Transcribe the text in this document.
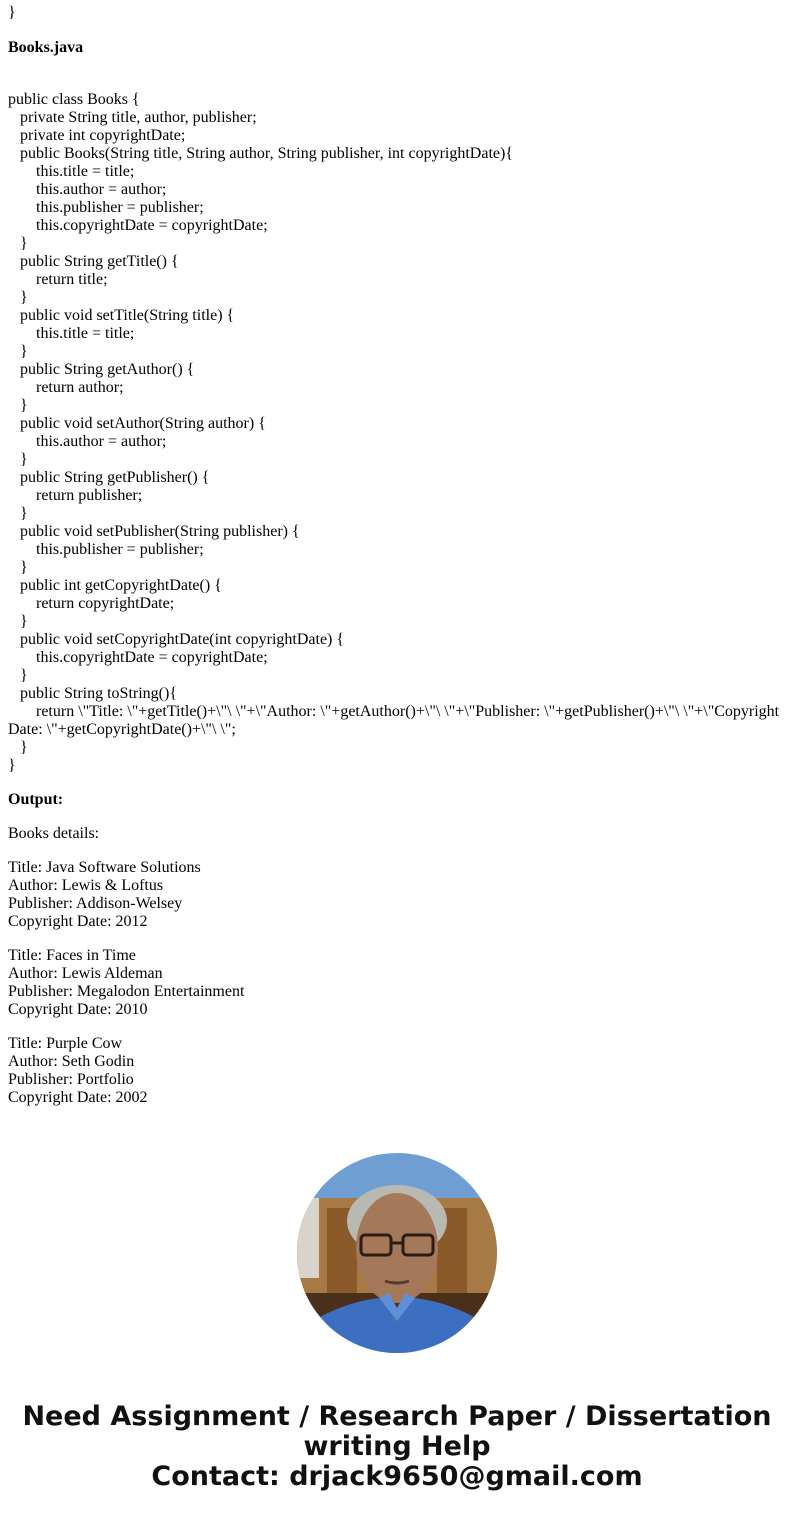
}
Books.java
public class Books {
private String title, author, publisher;
private int copyrightDate;
public Books(String title, String author, String publisher, int copyrightDate){
this.title = title;
this.author = author;
this.publisher = publisher;
this.copyrightDate = copyrightDate;
}
public String getTitle() {
return title;
}
public void setTitle(String title) {
this.title = title;
}
public String getAuthor() {
return author;
}
public void setAuthor(String author) {
this.author = author;
}
public String getPublisher() {
return publisher;
}
public void setPublisher(String publisher) {
this.publisher = publisher;
}
public int getCopyrightDate() {
return copyrightDate;
}
public void setCopyrightDate(int copyrightDate) {
this.copyrightDate = copyrightDate;
}
public String toString(){
return \"Title: \"+getTitle()+\"\ \"+\"Author: \"+getAuthor()+\"\ \"+\"Publisher: \"+getPublisher()+\"\ \"+\"Copyright Date: \"+getCopyrightDate()+\"\ \";
}
}
Output:
Books details:
Title: Java Software Solutions
Author: Lewis & Loftus
Publisher: Addison-Welsey
Copyright Date: 2012
Title: Faces in Time
Author: Lewis Aldeman
Publisher: Megalodon Entertainment
Copyright Date: 2010
Title: Purple Cow
Author: Seth Godin
Publisher: Portfolio
Copyright Date: 2002
Need Assignment / Research Paper / Dissertation
writing Help
Contact: drjack9650@gmail.com
